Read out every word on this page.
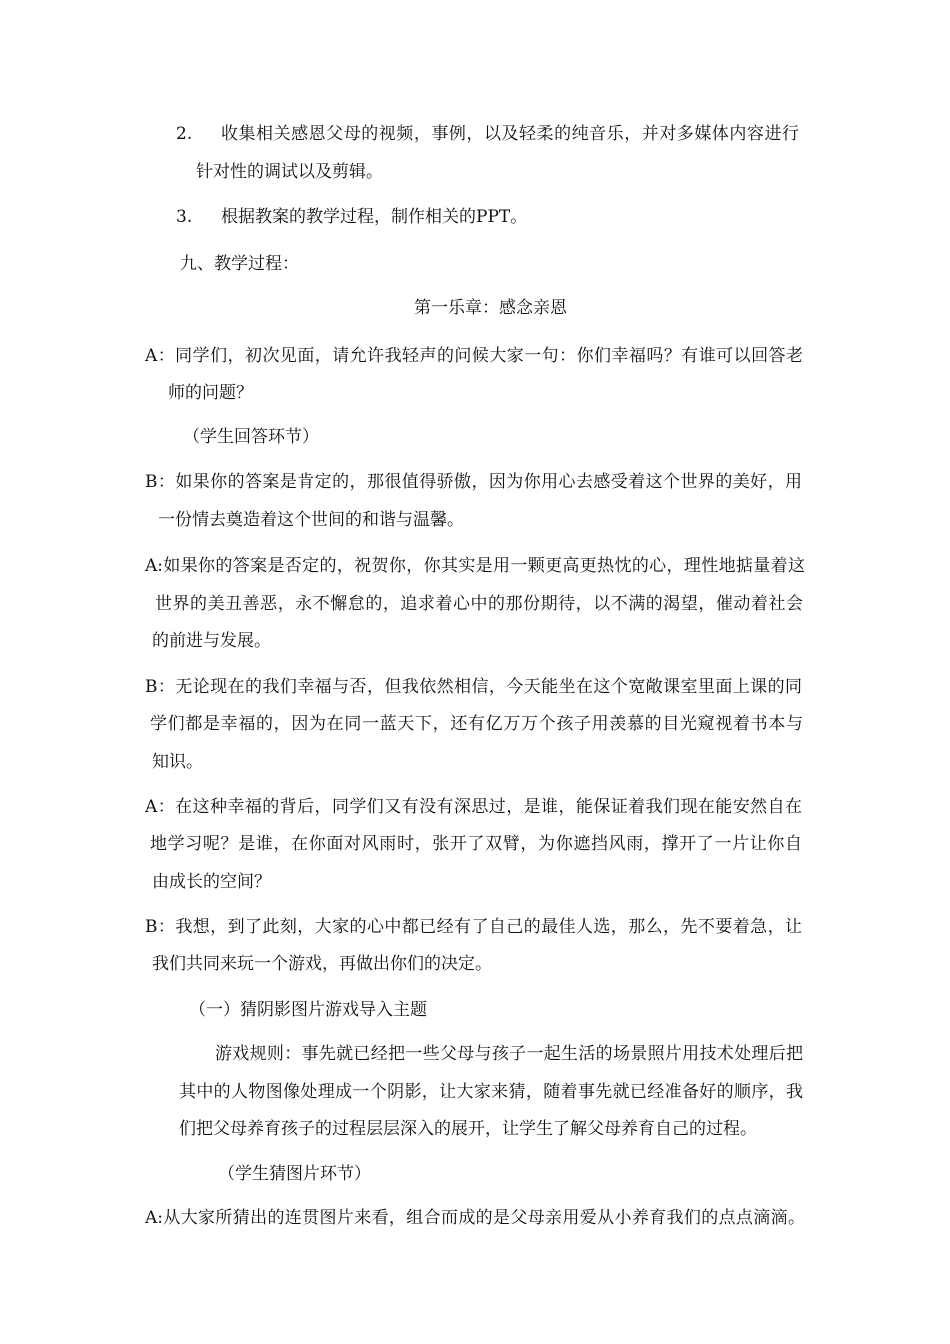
2. 收集相关感恩父母的视频，事例，以及轻柔的纯音乐，并对多媒体内容进行
针对性的调试以及剪辑。
3. 根据教案的教学过程，制作相关的PPT。
九、教学过程：
第一乐章：感念亲恩
A：同学们，初次见面，请允许我轻声的问候大家一句：你们幸福吗？有谁可以回答老
师的问题？
（学生回答环节）
B：如果你的答案是肯定的，那很值得骄傲，因为你用心去感受着这个世界的美好，用
一份情去奠造着这个世间的和谐与温馨。
A:如果你的答案是否定的，祝贺你，你其实是用一颗更高更热忱的心，理性地掂量着这
世界的美丑善恶，永不懈怠的，追求着心中的那份期待，以不满的渴望，催动着社会
的前进与发展。
B：无论现在的我们幸福与否，但我依然相信，今天能坐在这个宽敞课室里面上课的同
学们都是幸福的，因为在同一蓝天下，还有亿万万个孩子用羡慕的目光窥视着书本与
知识。
A：在这种幸福的背后，同学们又有没有深思过，是谁，能保证着我们现在能安然自在
地学习呢？是谁，在你面对风雨时，张开了双臂，为你遮挡风雨，撑开了一片让你自
由成长的空间？
B：我想，到了此刻，大家的心中都已经有了自己的最佳人选，那么，先不要着急，让
我们共同来玩一个游戏，再做出你们的决定。
（一）猜阴影图片游戏导入主题
游戏规则：事先就已经把一些父母与孩子一起生活的场景照片用技术处理后把
其中的人物图像处理成一个阴影，让大家来猜，随着事先就已经准备好的顺序，我
们把父母养育孩子的过程层层深入的展开，让学生了解父母养育自己的过程。
（学生猜图片环节）
A:从大家所猜出的连贯图片来看，组合而成的是父母亲用爱从小养育我们的点点滴滴。
